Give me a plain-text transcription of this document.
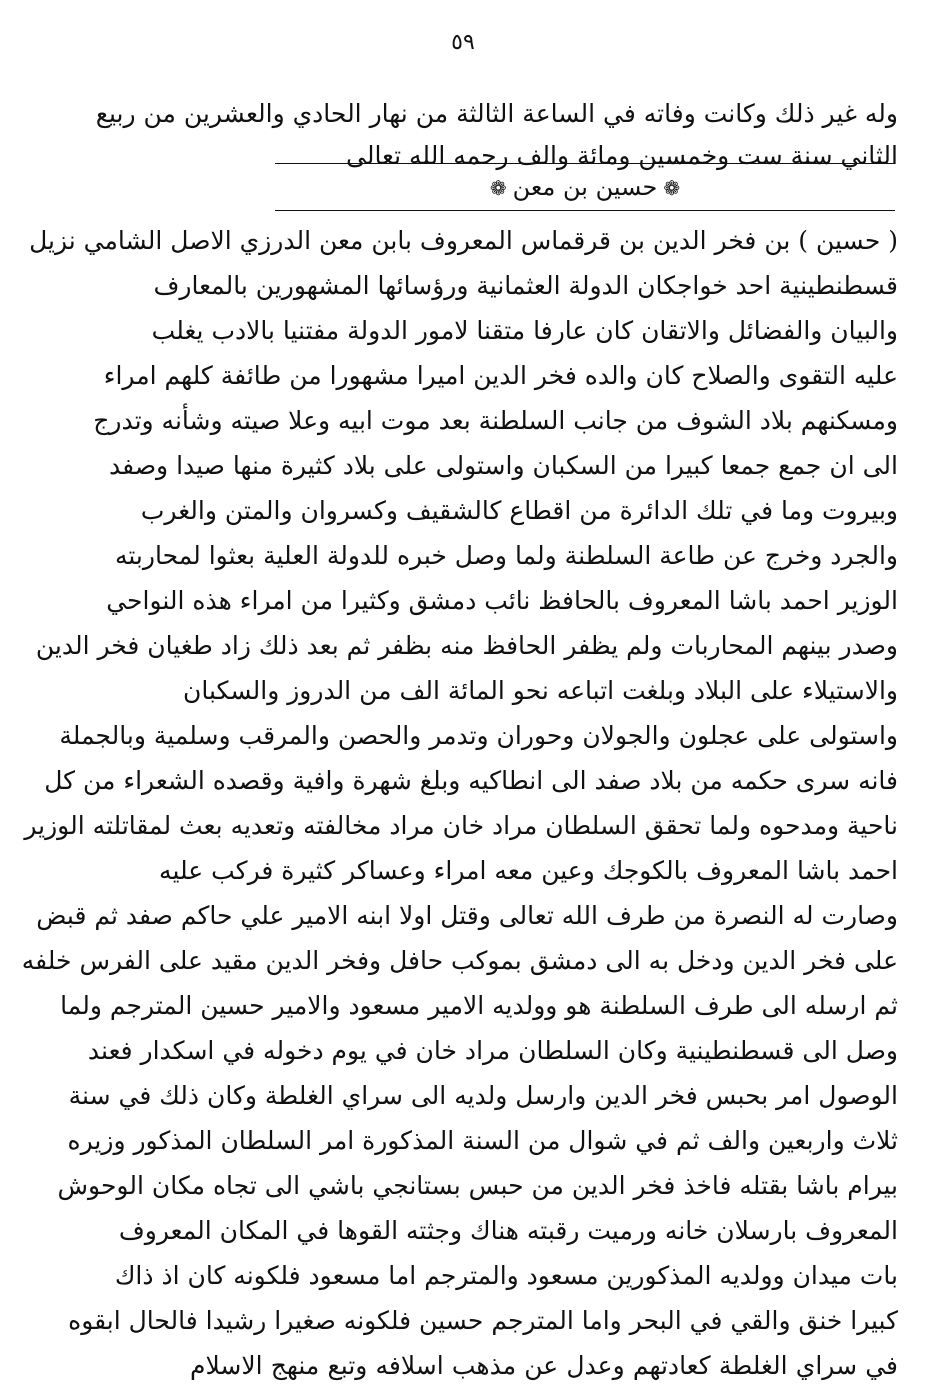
٥٩
وله غير ذلك وكانت وفاته في الساعة الثالثة من نهار الحادي والعشرين من ربيع
الثاني سنة ست وخمسين ومائة والف رحمه الله تعالى
❁حسين بن معن❁
( حسين ) بن فخر الدين بن قرقماس المعروف بابن معن الدرزي الاصل الشامي نزيل
قسطنطينية احد خواجكان الدولة العثمانية ورؤسائها المشهورين بالمعارف
والبيان والفضائل والاتقان كان عارفا متقنا لامور الدولة مفتنيا بالادب يغلب
عليه التقوى والصلاح كان والده فخر الدين اميرا مشهورا من طائفة كلهم امراء
ومسكنهم بلاد الشوف من جانب السلطنة بعد موت ابيه وعلا صيته وشأنه وتدرج
الى ان جمع جمعا كبيرا من السكبان واستولى على بلاد كثيرة منها صيدا وصفد
وبيروت وما في تلك الدائرة من اقطاع كالشقيف وكسروان والمتن والغرب
والجرد وخرج عن طاعة السلطنة ولما وصل خبره للدولة العلية بعثوا لمحاربته
الوزير احمد باشا المعروف بالحافظ نائب دمشق وكثيرا من امراء هذه النواحي
وصدر بينهم المحاربات ولم يظفر الحافظ منه بظفر ثم بعد ذلك زاد طغيان فخر الدين
والاستيلاء على البلاد وبلغت اتباعه نحو المائة الف من الدروز والسكبان
واستولى على عجلون والجولان وحوران وتدمر والحصن والمرقب وسلمية وبالجملة
فانه سرى حكمه من بلاد صفد الى انطاكيه وبلغ شهرة وافية وقصده الشعراء من كل
ناحية ومدحوه ولما تحقق السلطان مراد خان مراد مخالفته وتعديه بعث لمقاتلته الوزير
احمد باشا المعروف بالكوجك وعين معه امراء وعساكر كثيرة فركب عليه
وصارت له النصرة من طرف الله تعالى وقتل اولا ابنه الامير علي حاكم صفد ثم قبض
على فخر الدين ودخل به الى دمشق بموكب حافل وفخر الدين مقيد على الفرس خلفه
ثم ارسله الى طرف السلطنة هو وولديه الامير مسعود والامير حسين المترجم ولما
وصل الى قسطنطينية وكان السلطان مراد خان في يوم دخوله في اسكدار فعند
الوصول امر بحبس فخر الدين وارسل ولديه الى سراي الغلطة وكان ذلك في سنة
ثلاث واربعين والف ثم في شوال من السنة المذكورة امر السلطان المذكور وزيره
بيرام باشا بقتله فاخذ فخر الدين من حبس بستانجي باشي الى تجاه مكان الوحوش
المعروف بارسلان خانه ورميت رقبته هناك وجثته القوها في المكان المعروف
بات ميدان وولديه المذكورين مسعود والمترجم اما مسعود فلكونه كان اذ ذاك
كبيرا خنق والقي في البحر واما المترجم حسين فلكونه صغيرا رشيدا فالحال ابقوه
في سراي الغلطة كعادتهم وعدل عن مذهب اسلافه وتبع منهج الاسلام
